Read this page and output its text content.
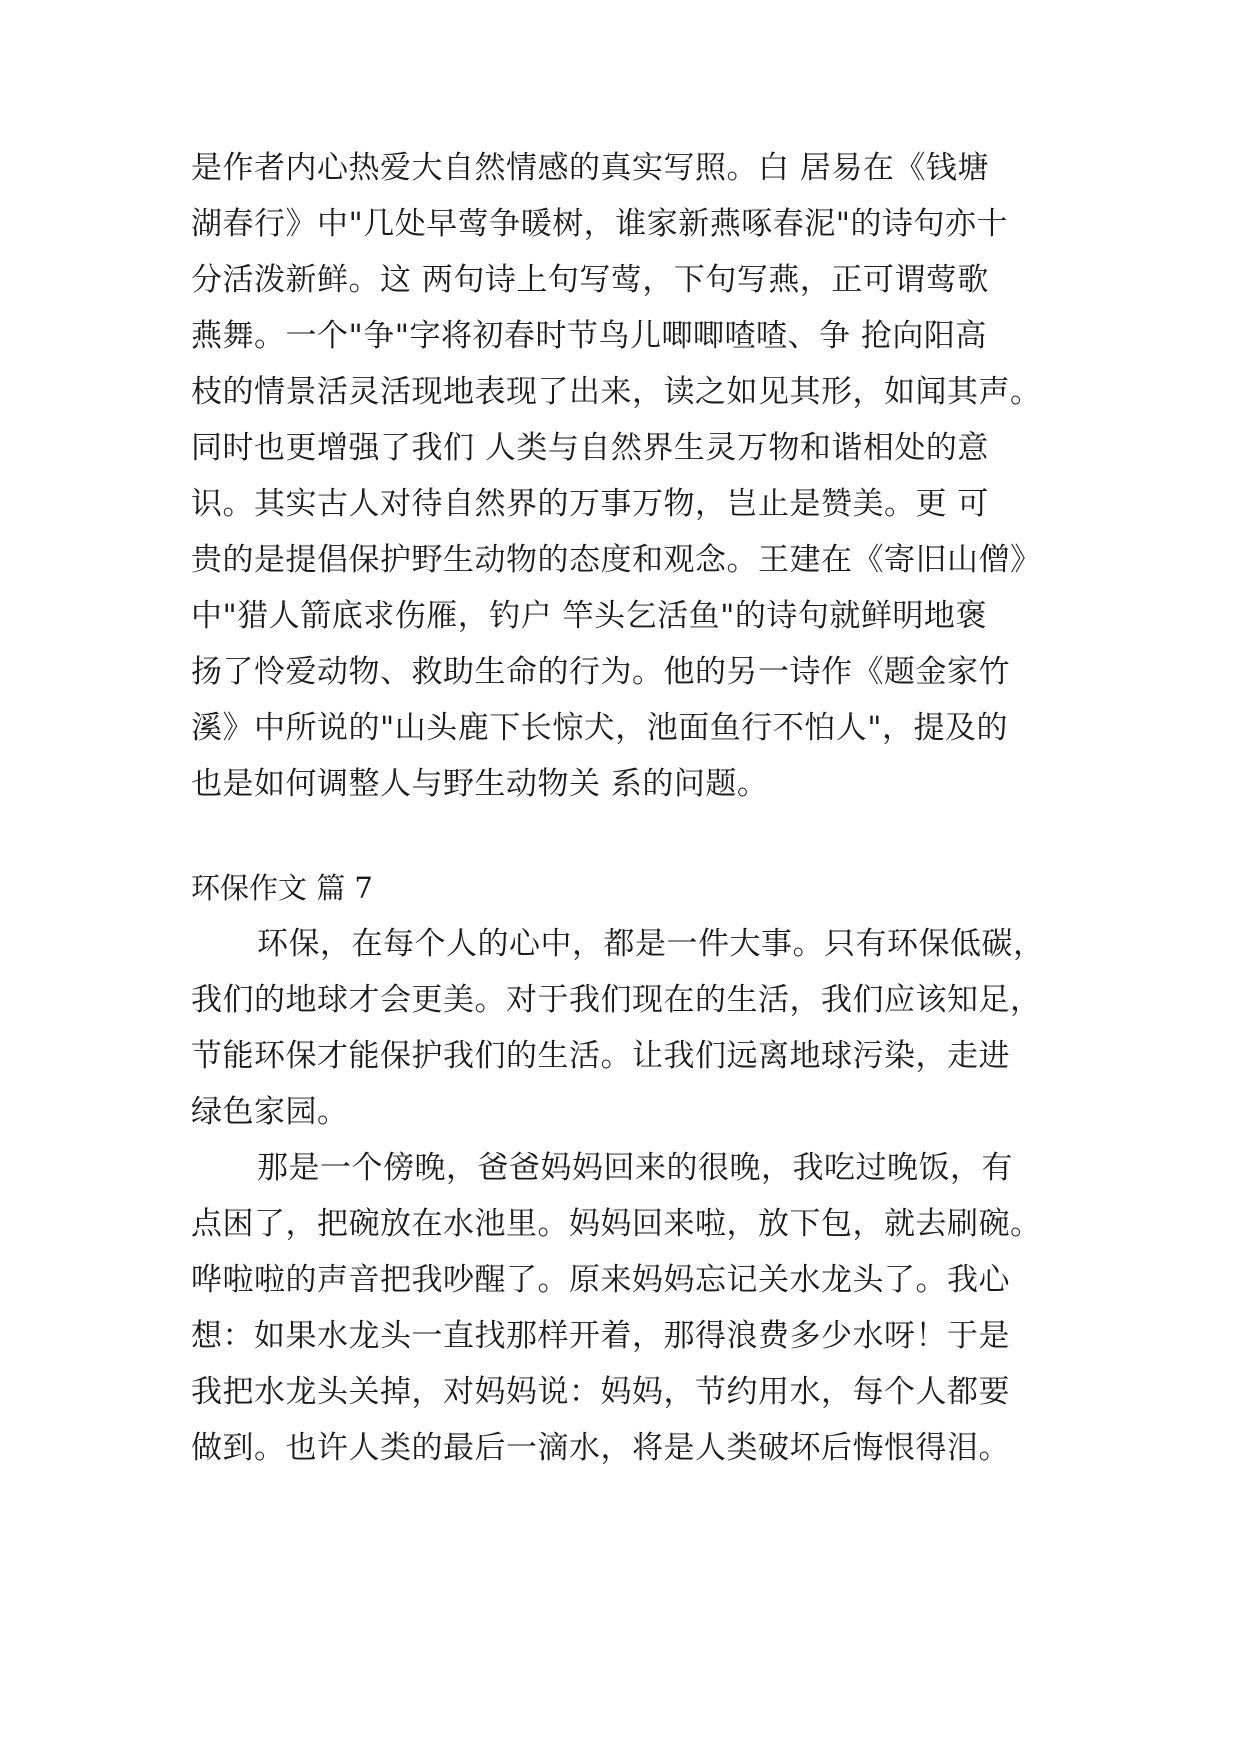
是作者内心热爱大自然情感的真实写照。白 居易在《钱塘
湖春行》中"几处早莺争暖树，谁家新燕啄春泥"的诗句亦十
分活泼新鲜。这 两句诗上句写莺，下句写燕，正可谓莺歌
燕舞。一个"争"字将初春时节鸟儿唧唧喳喳、争 抢向阳高
枝的情景活灵活现地表现了出来，读之如见其形，如闻其声。
同时也更增强了我们 人类与自然界生灵万物和谐相处的意
识。其实古人对待自然界的万事万物，岂止是赞美。更 可
贵的是提倡保护野生动物的态度和观念。王建在《寄旧山僧》
中"猎人箭底求伤雁，钓户 竿头乞活鱼"的诗句就鲜明地褒
扬了怜爱动物、救助生命的行为。他的另一诗作《题金家竹
溪》中所说的"山头鹿下长惊犬，池面鱼行不怕人"，提及的
也是如何调整人与野生动物关 系的问题。
环保作文 篇 7
环保，在每个人的心中，都是一件大事。只有环保低碳，
我们的地球才会更美。对于我们现在的生活，我们应该知足，
节能环保才能保护我们的生活。让我们远离地球污染，走进
绿色家园。
那是一个傍晚，爸爸妈妈回来的很晚，我吃过晚饭，有
点困了，把碗放在水池里。妈妈回来啦，放下包，就去刷碗。
哗啦啦的声音把我吵醒了。原来妈妈忘记关水龙头了。我心
想：如果水龙头一直找那样开着，那得浪费多少水呀！于是
我把水龙头关掉，对妈妈说：妈妈，节约用水，每个人都要
做到。也许人类的最后一滴水，将是人类破坏后悔恨得泪。
